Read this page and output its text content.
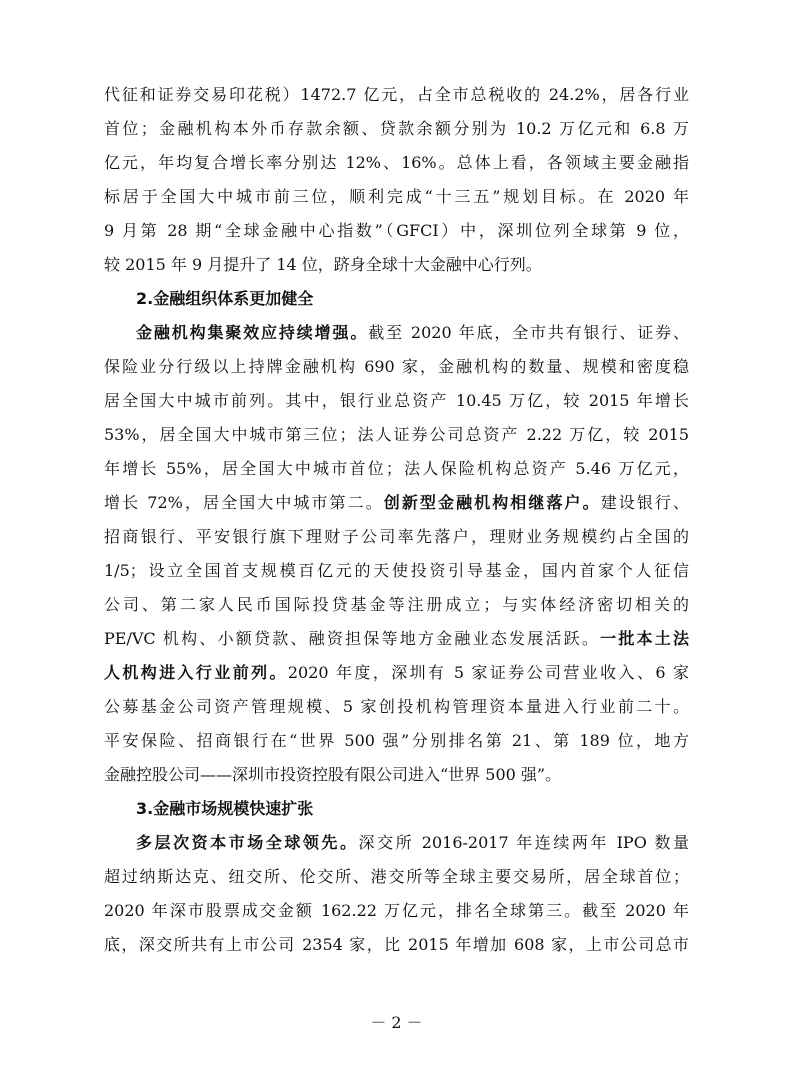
代征和证券交易印花税）1472.7 亿元，占全市总税收的 24.2%，居各行业
首位；金融机构本外币存款余额、贷款余额分别为 10.2 万亿元和 6.8 万
亿元，年均复合增长率分别达 12%、16%。总体上看，各领域主要金融指
标居于全国大中城市前三位，顺利完成“十三五”规划目标。在 2020 年
9 月第 28 期“全球金融中心指数”（GFCI）中，深圳位列全球第 9 位，
较 2015 年 9 月提升了 14 位，跻身全球十大金融中心行列。
2.金融组织体系更加健全
金融机构集聚效应持续增强。截至 2020 年底，全市共有银行、证券、
保险业分行级以上持牌金融机构 690 家，金融机构的数量、规模和密度稳
居全国大中城市前列。其中，银行业总资产 10.45 万亿，较 2015 年增长
53%，居全国大中城市第三位；法人证券公司总资产 2.22 万亿，较 2015
年增长 55%，居全国大中城市首位；法人保险机构总资产 5.46 万亿元，
增长 72%，居全国大中城市第二。创新型金融机构相继落户。建设银行、
招商银行、平安银行旗下理财子公司率先落户，理财业务规模约占全国的
1/5；设立全国首支规模百亿元的天使投资引导基金，国内首家个人征信
公司、第二家人民币国际投贷基金等注册成立；与实体经济密切相关的
PE/VC 机构、小额贷款、融资担保等地方金融业态发展活跃。一批本土法
人机构进入行业前列。2020 年度，深圳有 5 家证券公司营业收入、6 家
公募基金公司资产管理规模、5 家创投机构管理资本量进入行业前二十。
平安保险、招商银行在“世界 500 强”分别排名第 21、第 189 位，地方
金融控股公司——深圳市投资控股有限公司进入“世界 500 强”。
3.金融市场规模快速扩张
多层次资本市场全球领先。深交所 2016-2017 年连续两年 IPO 数量
超过纳斯达克、纽交所、伦交所、港交所等全球主要交易所，居全球首位；
2020 年深市股票成交金额 162.22 万亿元，排名全球第三。截至 2020 年
底，深交所共有上市公司 2354 家，比 2015 年增加 608 家，上市公司总市
－ 2 －
